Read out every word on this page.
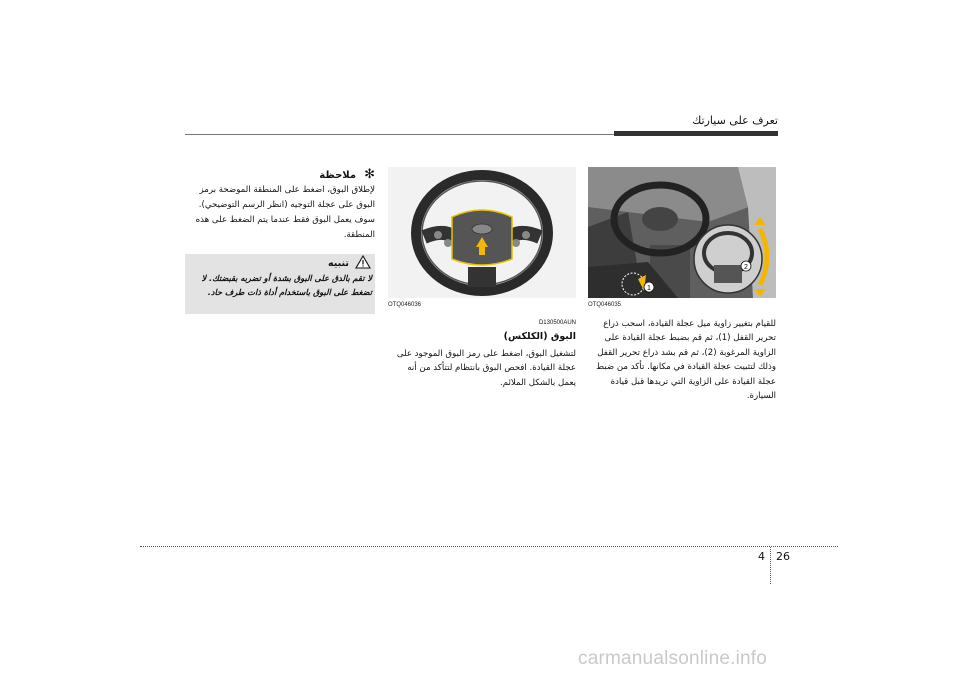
تعرف على سيارتك
2
1
OTQ046035
للقيام بتغيير زاوية ميل عجلة القيادة، اسحب ذراع تحرير القفل (1)، ثم قم بضبط عجلة القيادة على الزاوية المرغوبة (2)، ثم قم بشد ذراع تحرير القفل وذلك لتثبيت عجلة القيادة في مكانها. تأكد من ضبط عجلة القيادة على الزاوية التي تريدها قبل قيادة السيارة.
OTQ046036
D130500AUN
البوق (الكلكس)
لتشغيل البوق، اضغط على رمز البوق الموجود على عجلة القيادة. افحص البوق بانتظام لتتأكد من أنه يعمل بالشكل الملائم.
✻ملاحظة
لإطلاق البوق، اضغط على المنطقة الموضحة برمز البوق على عجلة التوجيه (انظر الرسم التوضيحي). سوف يعمل البوق فقط عندما يتم الضغط على هذه المنطقة.
تنبيه
لا تقم بالدق على البوق بشدة أو تضربه بقبضتك. لا تضغط على البوق باستخدام أداة ذات طرف حاد.
4 26
carmanualsonline.info
